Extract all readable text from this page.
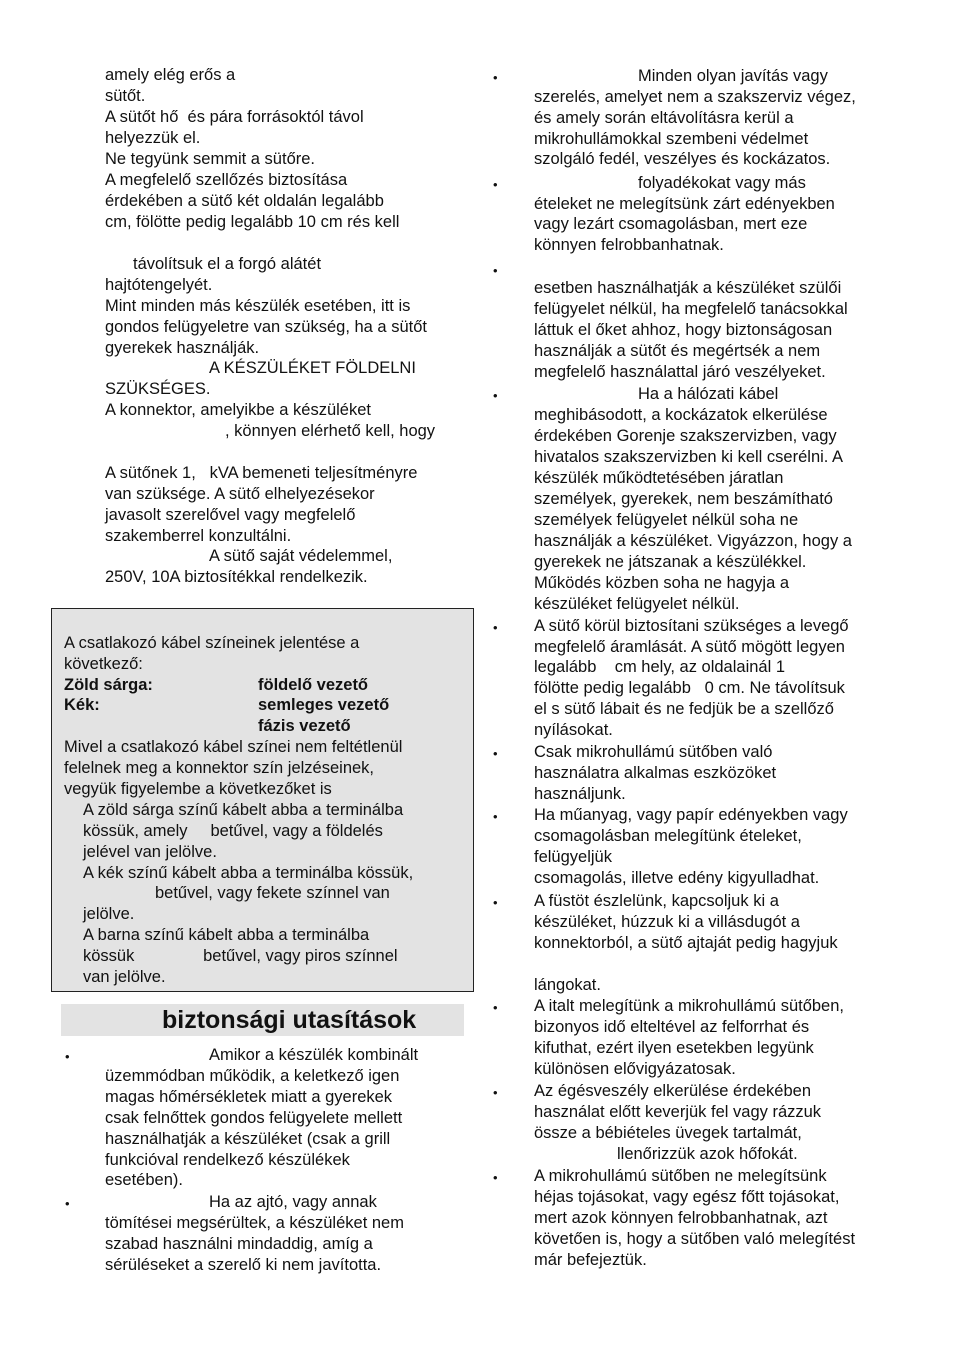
amely elég erős a
sütőt.
A sütőt hő  és pára forrásoktól távol
helyezzük el.
Ne tegyünk semmit a sütőre.
A megfelelő szellőzés biztosítása
érdekében a sütő két oldalán legalább
cm, fölötte pedig legalább 10 cm rés kell
távolítsuk el a forgó alátét
hajtótengelyét.
Mint minden más készülék esetében, itt is
gondos felügyeletre van szükség, ha a sütőt
gyerekek használják.
A KÉSZÜLÉKET FÖLDELNI
SZÜKSÉGES.
A konnektor, amelyikbe a készüléket
, könnyen elérhető kell, hogy
A sütőnek 1,   kVA bemeneti teljesítményre
van szüksége. A sütő elhelyezésekor
javasolt szerelővel vagy megfelelő
szakemberrel konzultálni.
A sütő saját védelemmel,
250V, 10A biztosítékkal rendelkezik.
A csatlakozó kábel színeinek jelentése a
következő:
Zöld sárga:	földelő vezető
Kék:	semleges vezető
fázis vezető
Mivel a csatlakozó kábel színei nem feltétlenül
felelnek meg a konnektor szín jelzéseinek,
vegyük figyelembe a következőket is
A zöld sárga színű kábelt abba a terminálba
kössük, amely     betűvel, vagy a földelés
jelével van jelölve.
A kék színű kábelt abba a terminálba kössük,
betűvel, vagy fekete színnel van
jelölve.
A barna színű kábelt abba a terminálba
kössük               betűvel, vagy piros színnel
van jelölve.
biztonsági utasítások
•	Amikor a készülék kombinált
üzemmódban működik, a keletkező igen
magas hőmérsékletek miatt a gyerekek
csak felnőttek gondos felügyelete mellett
használhatják a készüléket (csak a grill
funkcióval rendelkező készülékek
esetében).
•	Ha az ajtó, vagy annak
tömítései megsérültek, a készüléket nem
szabad használni mindaddig, amíg a
sérüléseket a szerelő ki nem javította.
•	Minden olyan javítás vagy
szerelés, amelyet nem a szakszerviz végez,
és amely során eltávolításra kerül a
mikrohullámokkal szembeni védelmet
szolgáló fedél, veszélyes és kockázatos.
•	folyadékokat vagy más
ételeket ne melegítsünk zárt edényekben
vagy lezárt csomagolásban, mert eze
könnyen felrobbanhatnak.
•
esetben használhatják a készüléket szülői
felügyelet nélkül, ha megfelelő tanácsokkal
láttuk el őket ahhoz, hogy biztonságosan
használják a sütőt és megértsék a nem
megfelelő használattal járó veszélyeket.
•	Ha a hálózati kábel
meghibásodott, a kockázatok elkerülése
érdekében Gorenje szakszervizben, vagy
hivatalos szakszervizben ki kell cserélni. A
készülék működtetésében járatlan
személyek, gyerekek, nem beszámítható
személyek felügyelet nélkül soha ne
használják a készüléket. Vigyázzon, hogy a
gyerekek ne játszanak a készülékkel.
Működés közben soha ne hagyja a
készüléket felügyelet nélkül.
• A sütő körül biztosítani szükséges a levegő
megfelelő áramlását. A sütő mögött legyen
legalább    cm hely, az oldalainál 1
fölötte pedig legalább   0 cm. Ne távolítsuk
el s sütő lábait és ne fedjük be a szellőző
nyílásokat.
• Csak mikrohullámú sütőben való
használatra alkalmas eszközöket
használjunk.
• Ha műanyag, vagy papír edényekben vagy
csomagolásban melegítünk ételeket,
felügyeljük
csomagolás, illetve edény kigyulladhat.
• A füstöt észlelünk, kapcsoljuk ki a
készüléket, húzzuk ki a villásdugót a
konnektorból, a sütő ajtaját pedig hagyjuk
lángokat.
• A italt melegítünk a mikrohullámú sütőben,
bizonyos idő elteltével az felforrhat és
kifuthat, ezért ilyen esetekben legyünk
különösen elővigyázatosak.
• Az égésveszély elkerülése érdekében
használat előtt keverjük fel vagy rázzuk
össze a bébiételes üvegek tartalmát,
llenőrizzük azok hőfokát.
• A mikrohullámú sütőben ne melegítsünk
héjas tojásokat, vagy egész főtt tojásokat,
mert azok könnyen felrobbanhatnak, azt
követően is, hogy a sütőben való melegítést
már befejeztük.
